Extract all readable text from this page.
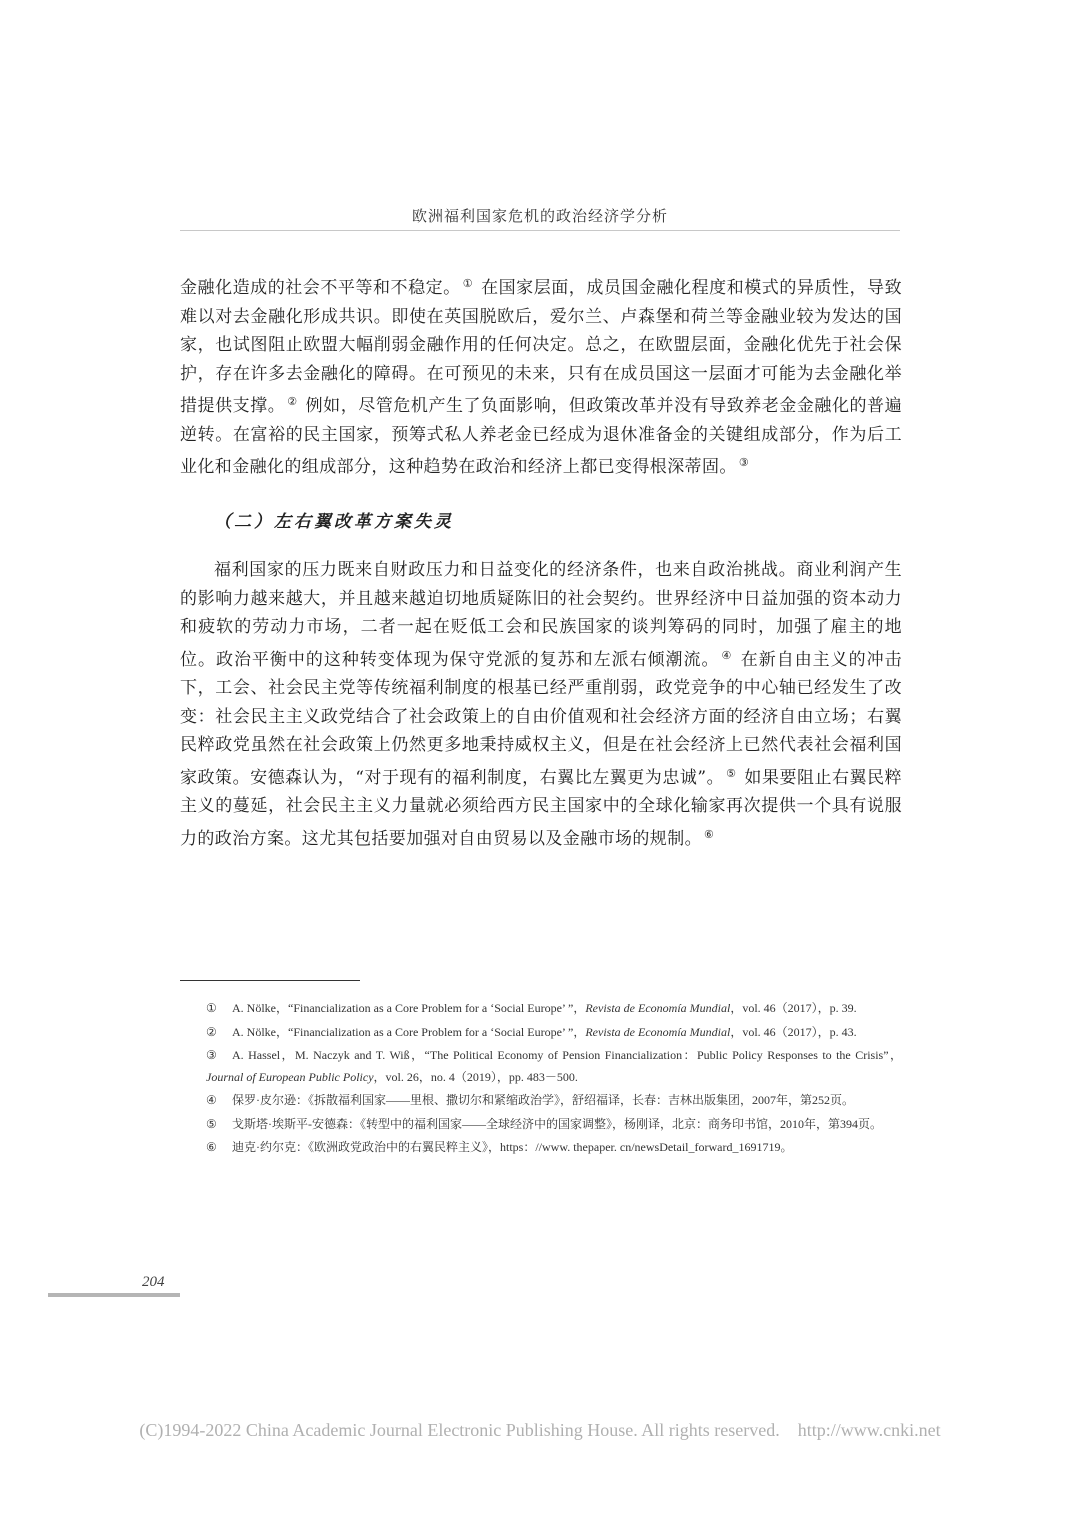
欧洲福利国家危机的政治经济学分析

金融化造成的社会不平等和不稳定。 ① 在国家层面，成员国金融化程度和模式的异质性，导致难以对去金融化形成共识。即使在英国脱欧后，爱尔兰、卢森堡和荷兰等金融业较为发达的国家，也试图阻止欧盟大幅削弱金融作用的任何决定。总之，在欧盟层面，金融化优先于社会保护，存在许多去金融化的障碍。在可预见的未来，只有在成员国这一层面才可能为去金融化举措提供支撑。 ② 例如，尽管危机产生了负面影响，但政策改革并没有导致养老金金融化的普遍逆转。在富裕的民主国家，预筹式私人养老金已经成为退休准备金的关键组成部分，作为后工业化和金融化的组成部分，这种趋势在政治和经济上都已变得根深蒂固。 ③

（二）左右翼改革方案失灵

福利国家的压力既来自财政压力和日益变化的经济条件，也来自政治挑战。商业利润产生的影响力越来越大，并且越来越迫切地质疑陈旧的社会契约。世界经济中日益加强的资本动力和疲软的劳动力市场，二者一起在贬低工会和民族国家的谈判筹码的同时，加强了雇主的地位。政治平衡中的这种转变体现为保守党派的复苏和左派右倾潮流。 ④ 在新自由主义的冲击下，工会、社会民主党等传统福利制度的根基已经严重削弱，政党竞争的中心轴已经发生了改变：社会民主主义政党结合了社会政策上的自由价值观和社会经济方面的经济自由立场；右翼民粹政党虽然在社会政策上仍然更多地秉持威权主义，但是在社会经济上已然代表社会福利国家政策。安德森认为，“对于现有的福利制度，右翼比左翼更为忠诚”。 ⑤ 如果要阻止右翼民粹主义的蔓延，社会民主主义力量就必须给西方民主国家中的全球化输家再次提供一个具有说服力的政治方案。这尤其包括要加强对自由贸易以及金融市场的规制。 ⑥

① A. Nölke，“Financialization as a Core Problem for a ‘Social Europe’ ”，Revista de Economía Mundial，vol. 46（2017），p. 39.
② A. Nölke，“Financialization as a Core Problem for a ‘Social Europe’ ”，Revista de Economía Mundial，vol. 46（2017），p. 43.
③ A. Hassel，M. Naczyk and T. Wiß，“The Political Economy of Pension Financialization：Public Policy Responses to the Crisis”，Journal of European Public Policy，vol. 26，no. 4（2019），pp. 483－500.
④ 保罗·皮尔逊：《拆散福利国家——里根、撒切尔和紧缩政治学》，舒绍福译，长春：吉林出版集团，2007年，第252页。
⑤ 戈斯塔·埃斯平-安德森：《转型中的福利国家——全球经济中的国家调整》，杨刚译，北京：商务印书馆，2010年，第394页。
⑥ 迪克·约尔克：《欧洲政党政治中的右翼民粹主义》，https：//www. thepaper. cn/newsDetail_forward_1691719。
204
(C)1994-2022 China Academic Journal Electronic Publishing House. All rights reserved. http://www.cnki.net
